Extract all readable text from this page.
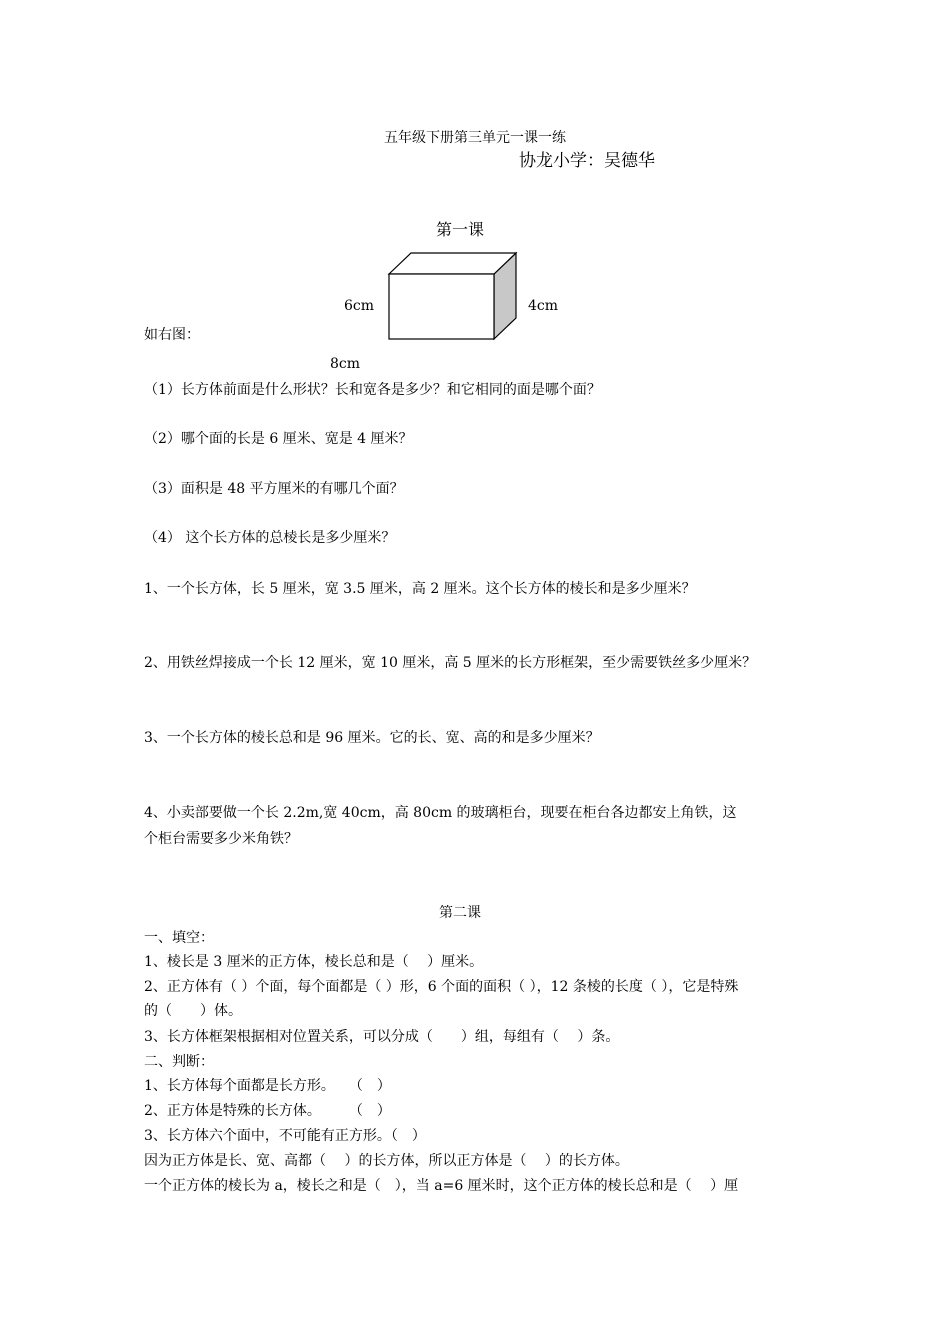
五年级下册第三单元一课一练
协龙小学：吴德华
第一课
6cm	4cm
8cm
如右图：
（1）长方体前面是什么形状？长和宽各是多少？和它相同的面是哪个面？
（2）哪个面的长是 6 厘米、宽是 4 厘米？
（3）面积是 48 平方厘米的有哪几个面？
（4） 这个长方体的总棱长是多少厘米？
1、一个长方体，长 5 厘米，宽 3.5 厘米，高 2 厘米。这个长方体的棱长和是多少厘米？
2、用铁丝焊接成一个长 12 厘米，宽 10 厘米，高 5 厘米的长方形框架，至少需要铁丝多少厘米？
3、一个长方体的棱长总和是 96 厘米。它的长、宽、高的和是多少厘米？
4、小卖部要做一个长 2.2m,宽 40cm，高 80cm 的玻璃柜台，现要在柜台各边都安上角铁，这
个柜台需要多少米角铁？
第二课
一、填空：
1、棱长是 3 厘米的正方体，棱长总和是（　 ）厘米。
2、正方体有（ ）个面，每个面都是（ ）形，6 个面的面积（ ），12 条棱的长度（ ），它是特殊
的（　　）体。
3、长方体框架根据相对位置关系，可以分成（　　）组，每组有（　 ）条。
二、判断：
1、长方体每个面都是长方形。　　（　）
2、正方体是特殊的长方体。　　　（　）
3、长方体六个面中，不可能有正方形。（　）
因为正方体是长、宽、高都（　 ）的长方体，所以正方体是（　 ）的长方体。
一个正方体的棱长为 a，棱长之和是（　），当 a=6 厘米时，这个正方体的棱长总和是（　 ）厘
